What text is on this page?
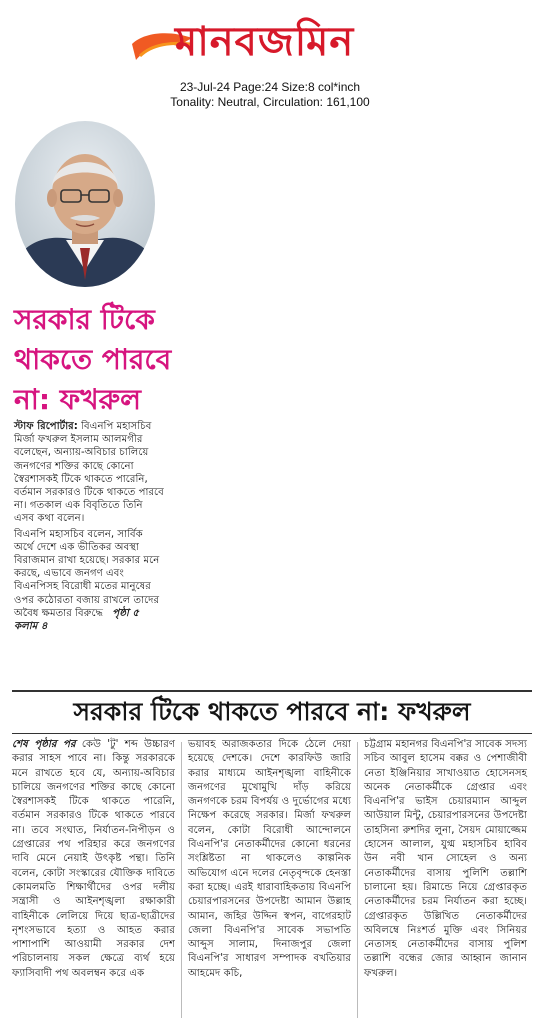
মানবজমিন
23-Jul-24 Page:24 Size:8 col*inch
Tonality: Neutral, Circulation: 161,100
সরকার টিকে
থাকতে পারবে
না: ফখরুল
স্টাফ রিপোর্টার: বিএনপি মহাসচিব মির্জা ফখরুল ইসলাম আলমগীর বলেছেন, অন্যায়-অবিচার চালিয়ে জনগণের শক্তির কাছে কোনো স্বৈরশাসকই টিকে থাকতে পারেনি, বর্তমান সরকারও টিকে থাকতে পারবে না। গতকাল এক বিবৃতিতে তিনি এসব কথা বলেন।
বিএনপি মহাসচিব বলেন, সার্বিক অর্থে দেশে এক ভীতিকর অবস্থা বিরাজমান রাখা হয়েছে। সরকার মনে করছে, এভাবে জনগণ এবং বিএনপিসহ বিরোধী মতের মানুষের ওপর কঠোরতা বজায় রাখলে তাদের অবৈধ ক্ষমতার বিরুদ্ধে পৃষ্ঠা ৫ কলাম ৪
সরকার টিকে থাকতে পারবে না: ফখরুল
শেষ পৃষ্ঠার পর কেউ 'টু' শব্দ উচ্চারণ করার সাহস পাবে না। কিন্তু সরকারকে মনে রাখতে হবে যে, অন্যায়-অবিচার চালিয়ে জনগণের শক্তির কাছে কোনো স্বৈরশাসকই টিকে থাকতে পারেনি, বর্তমান সরকারও টিকে থাকতে পারবে না। তবে সংঘাত, নির্যাতন-নিপীড়ন ও গ্রেপ্তারের পথ পরিহার করে জনগণের দাবি মেনে নেয়াই উৎকৃষ্ট পন্থা। তিনি বলেন, কোটা সংস্কারের যৌক্তিক দাবিতে কোমলমতি শিক্ষার্থীদের ওপর দলীয় সন্ত্রাসী ও আইনশৃঙ্খলা রক্ষাকারী বাহিনীকে লেলিয়ে দিয়ে ছাত্র-ছাত্রীদের নৃশংসভাবে হত্যা ও আহত করার পাশাপাশি আওয়ামী সরকার দেশ পরিচালনায় সকল ক্ষেত্রে ব্যর্থ হয়ে ফ্যাসিবাদী পথ অবলম্বন করে এক
ভয়াবহ অরাজকতার দিকে ঠেলে দেয়া হয়েছে দেশকে। দেশে কারফিউ জারি করার মাধ্যমে আইনশৃঙ্খলা বাহিনীকে জনগণের মুখোমুখি দাঁড় করিয়ে জনগণকে চরম বিপর্যয় ও দুর্ভোগের মধ্যে নিক্ষেপ করেছে সরকার। মির্জা ফখরুল বলেন, কোটা বিরোধী আন্দোলনে বিএনপি'র নেতাকর্মীদের কোনো ধরনের সংশ্লিষ্টতা না থাকলেও কাল্পনিক অভিযোগ এনে দলের নেতৃবৃন্দকে হেনস্তা করা হচ্ছে। এরই ধারাবাহিকতায় বিএনপি চেয়ারপারসনের উপদেষ্টা আমান উল্লাহ আমান, জহির উদ্দিন স্বপন, বাগেরহাট জেলা বিএনপি'র সাবেক সভাপতি আব্দুস সালাম, দিনাজপুর জেলা বিএনপি'র সাধারণ সম্পাদক বখতিয়ার আহমেদ কচি,
চট্টগ্রাম মহানগর বিএনপি'র সাবেক সদস্য সচিব আবুল হাসেম বক্কর ও পেশাজীবী নেতা ইঞ্জিনিয়ার সাখাওয়াত হোসেনসহ অনেক নেতাকর্মীকে গ্রেপ্তার এবং বিএনপি'র ভাইস চেয়ারম্যান আব্দুল আউয়াল মিন্টু, চেয়ারপারসনের উপদেষ্টা তাহসিনা রুশদির লুনা, সৈয়দ মোয়াজ্জেম হোসেন আলাল, যুগ্ম মহাসচিব হাবিব উন নবী খান সোহেল ও অন্য নেতাকর্মীদের বাসায় পুলিশি তল্লাশি চালানো হয়। রিমান্ডে নিয়ে গ্রেপ্তারকৃত নেতাকর্মীদের চরম নির্যাতন করা হচ্ছে। গ্রেপ্তারকৃত উল্লিখিত নেতাকর্মীদের অবিলম্বে নিঃশর্ত মুক্তি এবং সিনিয়র নেতাসহ নেতাকর্মীদের বাসায় পুলিশ তল্লাশি বন্ধের জোর আহ্বান জানান ফখরুল।
